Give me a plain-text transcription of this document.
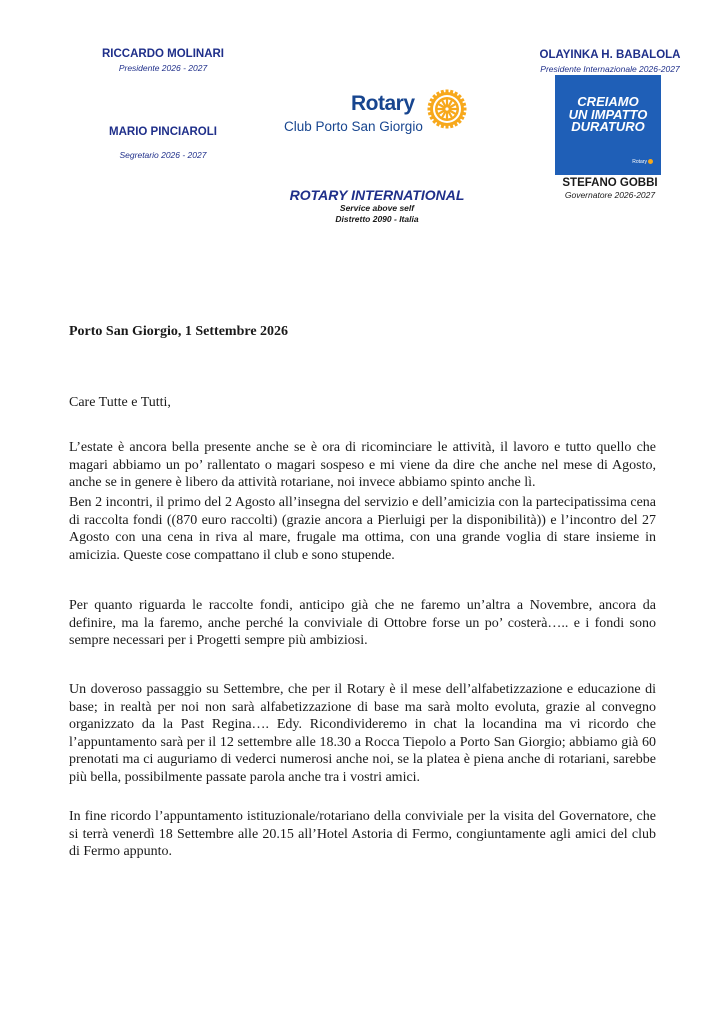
RICCARDO MOLINARI
Presidente 2026 - 2027
MARIO PINCIAROLI
Segretario 2026 - 2027
Rotary
Club Porto San Giorgio
OLAYINKA H. BABALOLA
Presidente Internazionale 2026-2027
CREIAMO
UN IMPATTO
DURATURO
Rotary
STEFANO GOBBI
Governatore 2026-2027
ROTARY INTERNATIONAL
Service above self
Distretto 2090 - Italia
Porto San Giorgio, 1 Settembre 2026
Care Tutte e Tutti,

L’estate è ancora bella presente anche se è ora di ricominciare le attività, il lavoro e tutto quello che magari abbiamo un po’ rallentato o magari sospeso e mi viene da dire che anche nel mese di Agosto, anche se in genere è libero da attività rotariane, noi invece abbiamo spinto anche lì.

Ben 2 incontri, il primo del 2 Agosto all’insegna del servizio e dell’amicizia con la partecipatissima cena di raccolta fondi ((870 euro raccolti) (grazie ancora a Pierluigi per la disponibilità)) e l’incontro del 27 Agosto con una cena in riva al mare, frugale ma ottima, con una grande voglia di stare insieme in amicizia. Queste cose compattano il club e sono stupende.

Per quanto riguarda le raccolte fondi, anticipo già che ne faremo un’altra a Novembre, ancora da definire, ma la faremo, anche perché la conviviale di Ottobre forse un po’ costerà….. e i fondi sono sempre necessari per i Progetti sempre più ambiziosi.

Un doveroso passaggio su Settembre, che per il Rotary è il mese dell’alfabetizzazione e educazione di base; in realtà per noi non sarà alfabetizzazione di base ma sarà molto evoluta, grazie al convegno organizzato da la Past Regina…. Edy. Ricondivideremo in chat la locandina ma vi ricordo che l’appuntamento sarà per il 12 settembre alle 18.30 a Rocca Tiepolo a Porto San Giorgio; abbiamo già 60 prenotati ma ci auguriamo di vederci numerosi anche noi, se la platea è piena anche di rotariani, sarebbe più bella, possibilmente passate parola anche tra i vostri amici.

In fine ricordo l’appuntamento istituzionale/rotariano della conviviale per la visita del Governatore, che si terrà venerdì 18 Settembre alle 20.15 all’Hotel Astoria di Fermo, congiuntamente agli amici del club di Fermo appunto.
